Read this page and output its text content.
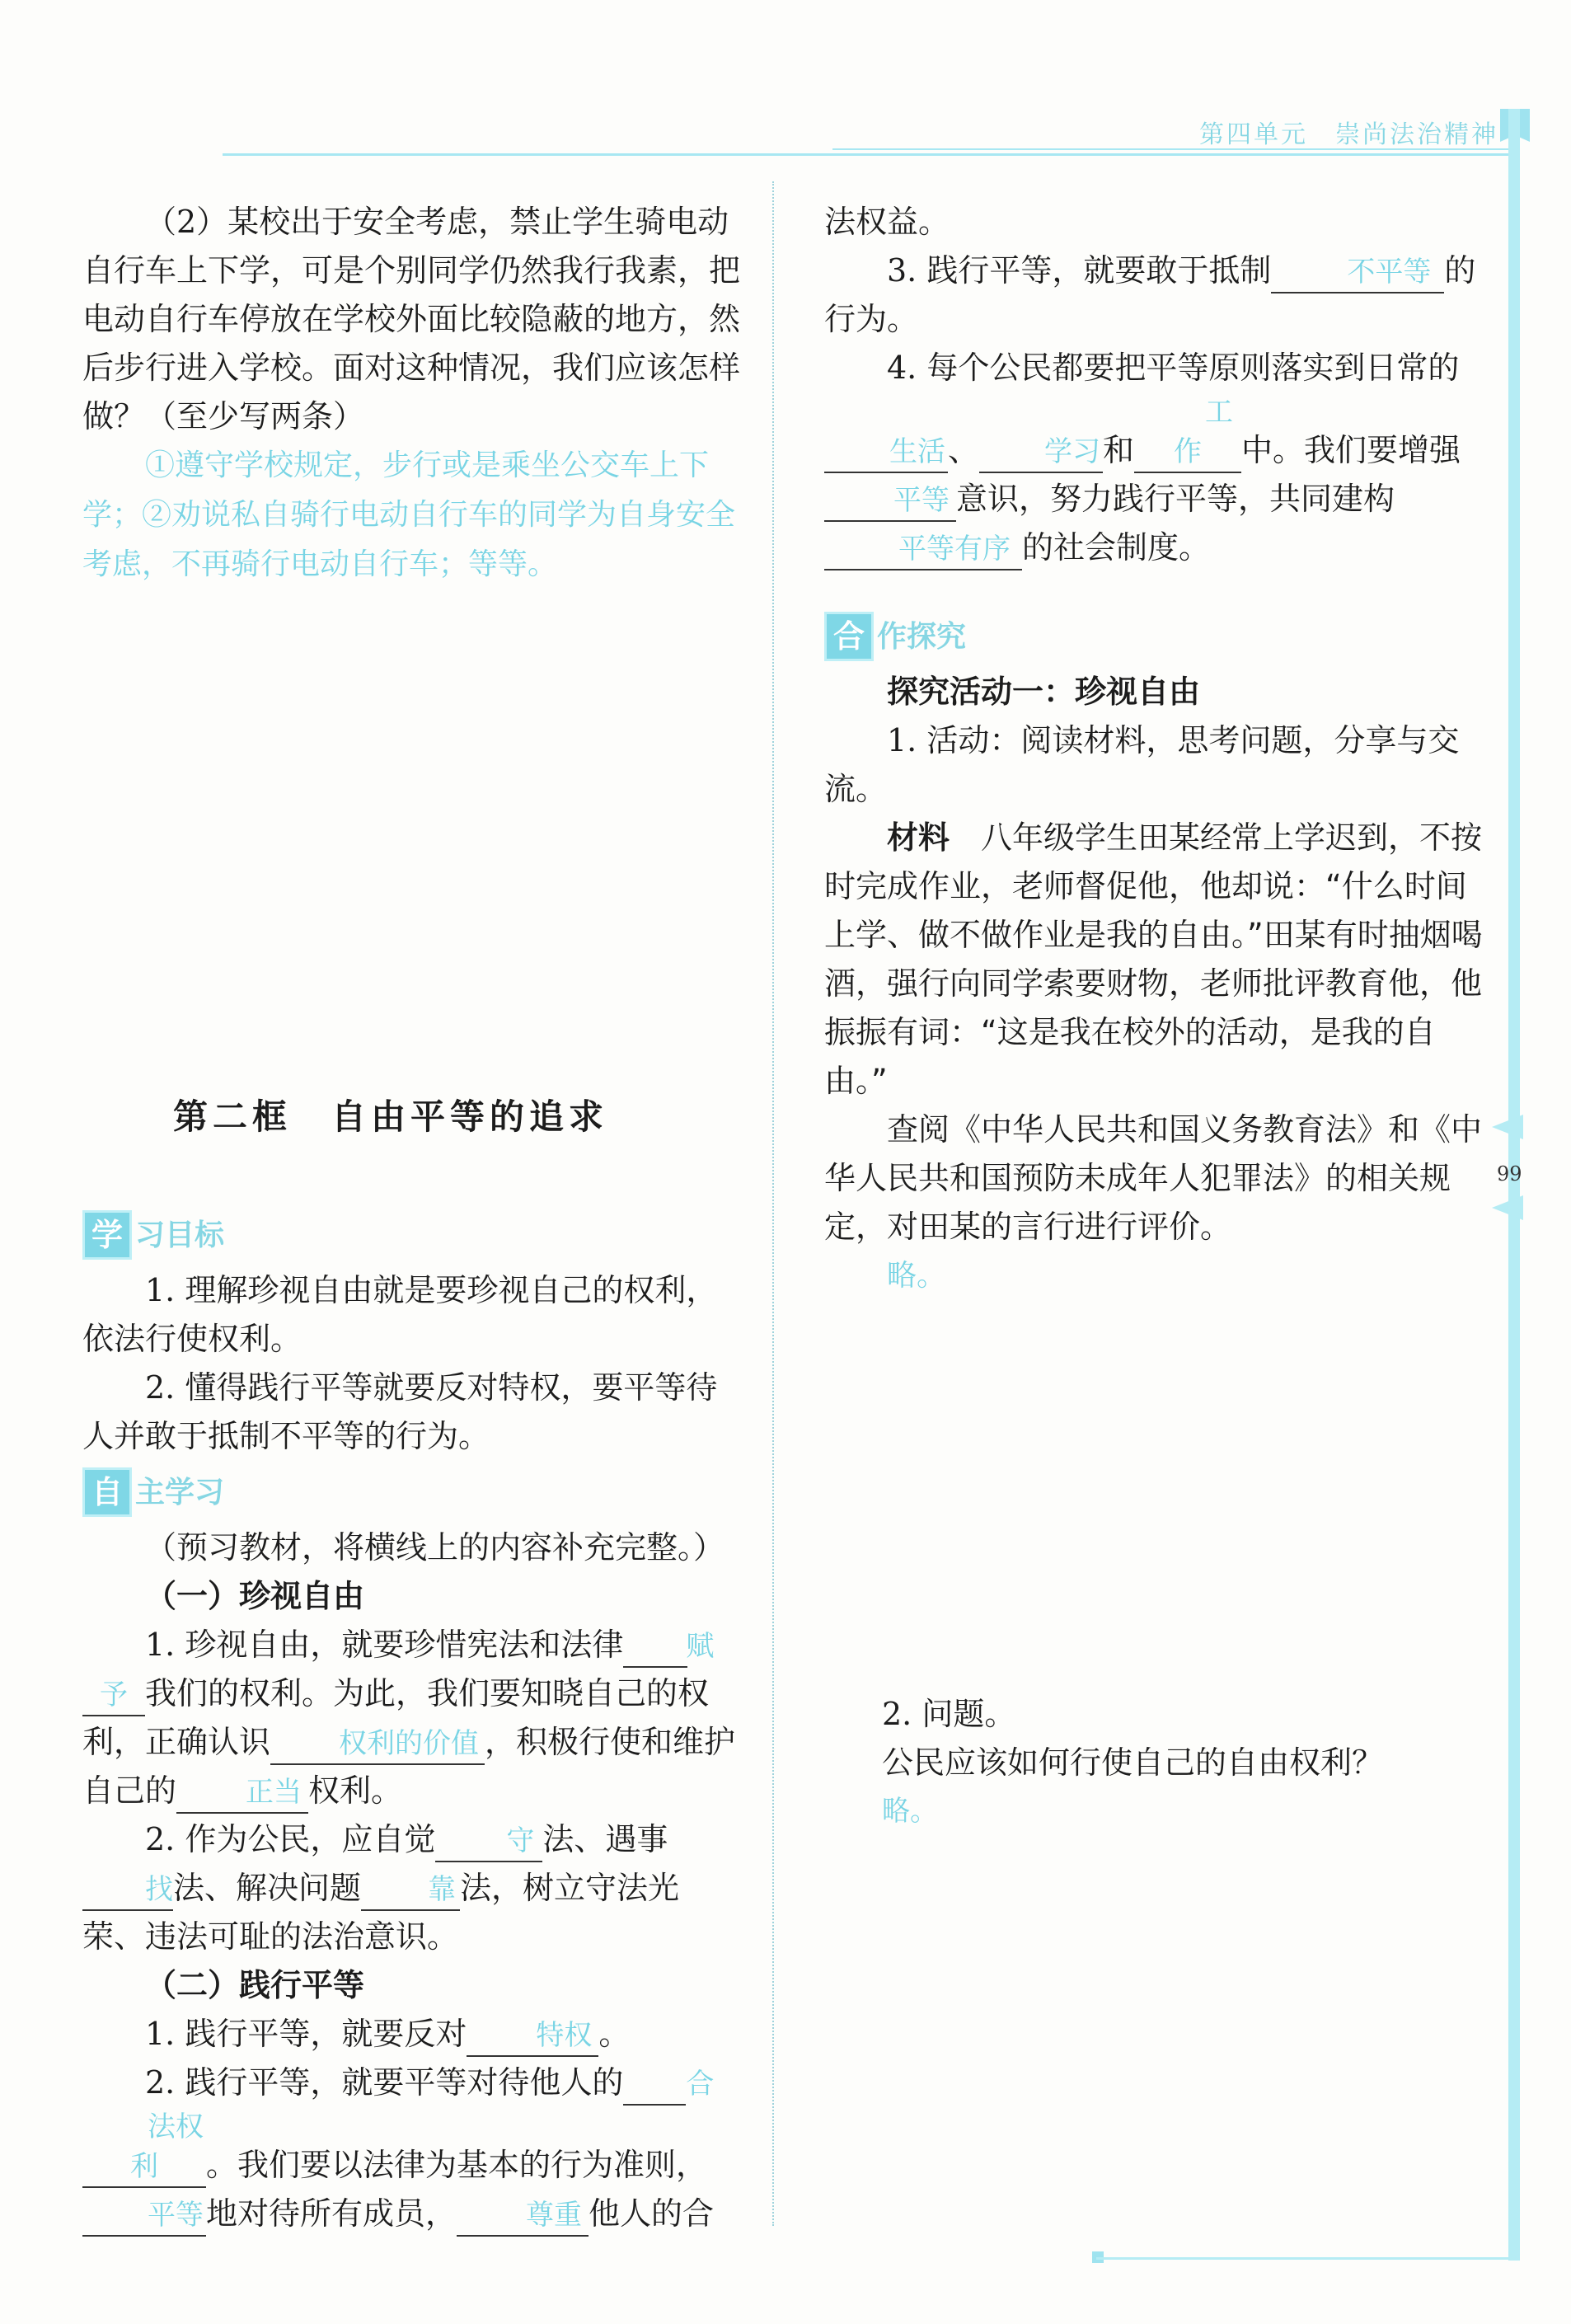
第四单元　崇尚法治精神
99

（2）某校出于安全考虑，禁止学生骑电动自行车上下学，可是个别同学仍然我行我素，把电动自行车停放在学校外面比较隐蔽的地方，然后步行进入学校。面对这种情况，我们应该怎样做？（至少写两条）

①遵守学校规定，步行或是乘坐公交车上下学；②劝说私自骑行电动自行车的同学为自身安全考虑，不再骑行电动自行车；等等。

第二框　自由平等的追求
学 习目标

1. 理解珍视自由就是要珍视自己的权利，依法行使权利。

2. 懂得践行平等就要反对特权，要平等待人并敢于抵制不平等的行为。

自 主学习

（预习教材，将横线上的内容补充完整。）

（一）珍视自由

1. 珍视自由，就要珍惜宪法和法律 赋予 我们的权利。为此，我们要知晓自己的权利，正确认识 权利的价值 ，积极行使和维护自己的 正当 权利。

2. 作为公民，应自觉	守 法、遇事找法、解决问题 靠 法，树立守法光荣、违法可耻的法治意识。

（二）践行平等

1. 践行平等，就要反对 特权 。

2. 践行平等，就要平等对待他人的 合法权利 。我们要以法律为基本的行为准则，平等地对待所有成员， 尊重 他人的合

法权益。

3. 践行平等，就要敢于抵制	不平等 的行为。

4. 每个公民都要把平等原则落实到日常的生活、 学习和工作 中。我们要增强平等 意识，努力践行平等，共同建构平等有序 的社会制度。

合 作探究

探究活动一：珍视自由

1. 活动：阅读材料，思考问题，分享与交流。

材料　 八年级学生田某经常上学迟到，不按时完成作业，老师督促他，他却说：“什么时间上学、做不做作业是我的自由。”田某有时抽烟喝酒，强行向同学索要财物，老师批评教育他，他振振有词：“这是我在校外的活动，是我的自由。”

查阅《中华人民共和国义务教育法》和《中华人民共和国预防未成年人犯罪法》的相关规定，对田某的言行进行评价。

略。

2. 问题。

公民应该如何行使自己的自由权利？

略。
